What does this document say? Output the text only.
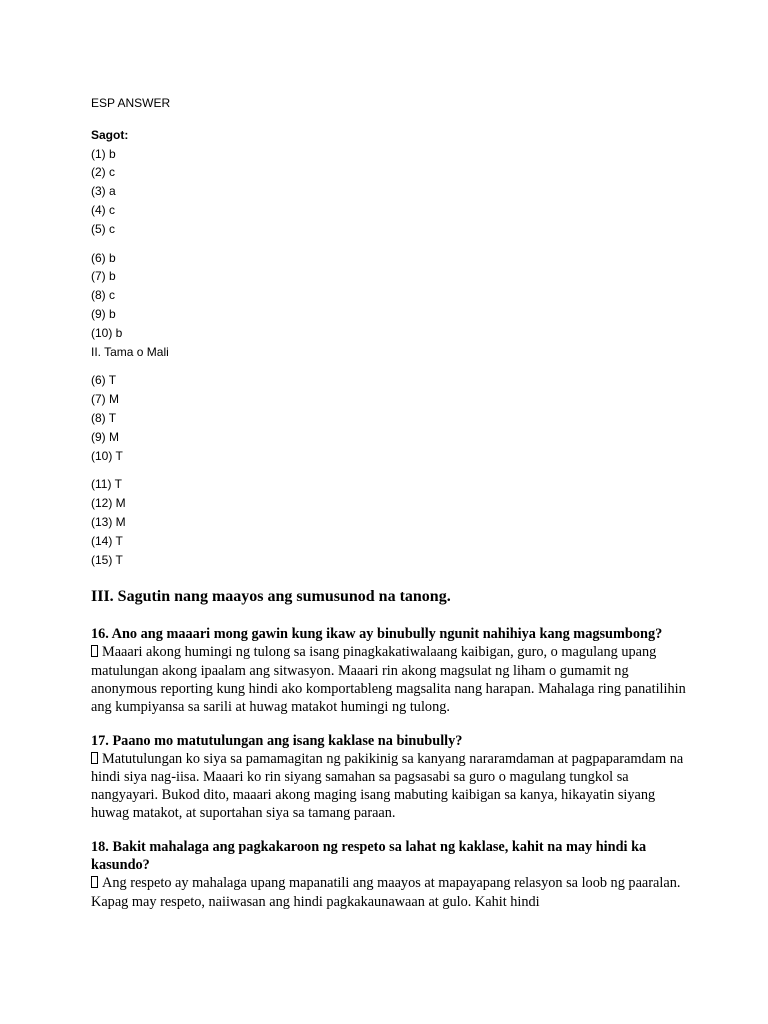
ESP ANSWER
Sagot:
(1) b
(2) c
(3) a
(4) c
(5) c
(6) b
(7) b
(8) c
(9) b
(10) b
II. Tama o Mali
(6) T
(7) M
(8) T
(9) M
(10) T
(11) T
(12) M
(13) M
(14) T
(15) T
III. Sagutin nang maayos ang sumusunod na tanong.
16. Ano ang maaari mong gawin kung ikaw ay binubully ngunit nahihiya kang magsumbong?
Maaari akong humingi ng tulong sa isang pinagkakatiwalaang kaibigan, guro, o magulang upang matulungan akong ipaalam ang sitwasyon. Maaari rin akong magsulat ng liham o gumamit ng anonymous reporting kung hindi ako komportableng magsalita nang harapan. Mahalaga ring panatilihin ang kumpiyansa sa sarili at huwag matakot humingi ng tulong.
17. Paano mo matutulungan ang isang kaklase na binubully?
Matutulungan ko siya sa pamamagitan ng pakikinig sa kanyang nararamdaman at pagpaparamdam na hindi siya nag-iisa. Maaari ko rin siyang samahan sa pagsasabi sa guro o magulang tungkol sa nangyayari. Bukod dito, maaari akong maging isang mabuting kaibigan sa kanya, hikayatin siyang huwag matakot, at suportahan siya sa tamang paraan.
18. Bakit mahalaga ang pagkakaroon ng respeto sa lahat ng kaklase, kahit na may hindi ka kasundo?
Ang respeto ay mahalaga upang mapanatili ang maayos at mapayapang relasyon sa loob ng paaralan. Kapag may respeto, naiiwasan ang hindi pagkakaunawaan at gulo. Kahit hindi
